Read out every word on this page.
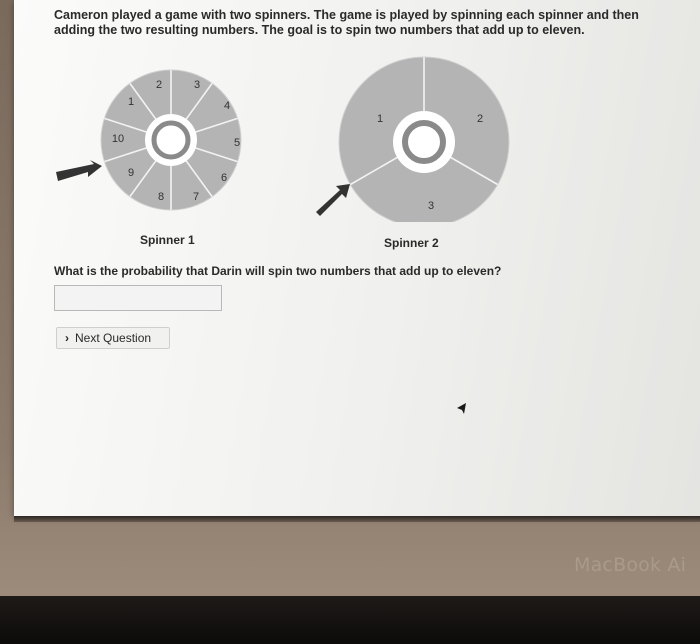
Cameron played a game with two spinners. The game is played by spinning each spinner and then adding the two resulting numbers. The goal is to spin two numbers that add up to eleven.
1
2	3
4
5
6
7
8
9
10
1	2
3
Spinner 1	Spinner 2
What is the probability that Darin will spin two numbers that add up to eleven?
› Next Question
MacBook Ai
